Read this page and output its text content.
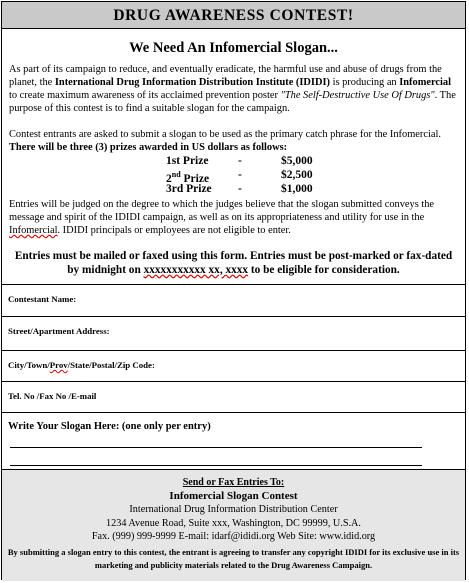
DRUG AWARENESS CONTEST!
We Need An Infomercial Slogan...

As part of its campaign to reduce, and eventually eradicate, the harmful use and abuse of drugs from the planet, the International Drug Information Distribution Institute (IDIDI) is producing an Infomercial to create maximum awareness of its acclaimed prevention poster "The Self-Destructive Use Of Drugs". The purpose of this contest is to find a suitable slogan for the campaign.

Contest entrants are asked to submit a slogan to be used as the primary catch phrase for the Infomercial. There will be three (3) prizes awarded in US dollars as follows:

1st Prize	-	$5,000
2nd Prize	-	$2,500
3rd Prize -	$1,000

Entries will be judged on the degree to which the judges believe that the slogan submitted conveys the message and spirit of the IDIDI campaign, as well as on its appropriateness and utility for use in the Infomercial. IDIDI principals or employees are not eligible to enter.

Entries must be mailed or faxed using this form. Entries must be post-marked or fax-dated by midnight on xxxxxxxxxxx xx, xxxx to be eligible for consideration.
Contestant Name:
Street/Apartment Address:
City/Town/Prov/State/Postal/Zip Code:
Tel. No /Fax No /E-mail
Write Your Slogan Here: (one only per entry)
Send or Fax Entries To:
Infomercial Slogan Contest
International Drug Information Distribution Center
1234 Avenue Road, Suite xxx, Washington, DC 99999, U.S.A.
Fax. (999) 999-9999 E-mail: idarf@ididi.org Web Site: www.idid.org
By submitting a slogan entry to this contest, the entrant is agreeing to transfer any copyright IDIDI for its exclusive use in its marketing and publicity materials related to the Drug Awareness Campaign.
